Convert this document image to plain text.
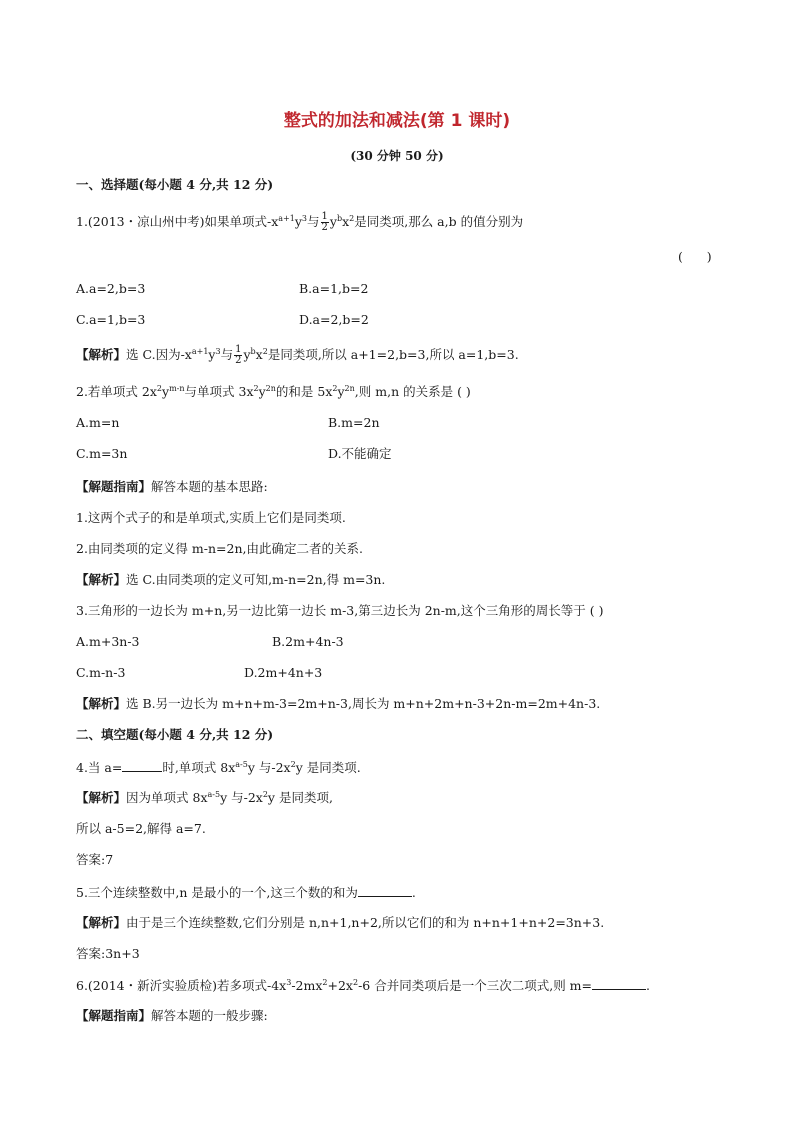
整式的加法和减法(第 1 课时)
(30 分钟 50 分)
一、选择题(每小题 4 分,共 12 分)
1.(2013・凉山州中考)如果单项式$-x^{a+1}y^3$与 $\frac{1}{2} y^bx^2$是同类项,那么 a,b 的值分别为
(      )
A.a=2,b=3	B.a=1,b=2
C.a=1,b=3	D.a=2,b=2
【解析】选 C.因为$-x^{a+1}y^3$与 $\frac{1}{2} y^bx^2$是同类项,所以 a+1=2,b=3,所以 a=1,b=3.
2.若单项式 $2x^2y^{m-n}$与单项式 $3x^2y^{2n}$的和是 $5x^2y^{2n}$,则 m,n 的关系是 ( )
A.m=n	B.m=2n
C.m=3n	D.不能确定
【解题指南】解答本题的基本思路:
1.这两个式子的和是单项式,实质上它们是同类项.
2.由同类项的定义得 m-n=2n,由此确定二者的关系.
【解析】选 C.由同类项的定义可知,m-n=2n,得 m=3n.
3.三角形的一边长为 m+n,另一边比第一边长 m-3,第三边长为 2n-m,这个三角形的周长等于 ( )
A.m+3n-3	B.2m+4n-3
C.m-n-3	D.2m+4n+3
【解析】选 B.另一边长为 m+n+m-3=2m+n-3,周长为 m+n+2m+n-3+2n-m=2m+4n-3.
二、填空题(每小题 4 分,共 12 分)
4.当 a=	时,单项式 $8x^{a-5}y$ 与$-2x^2y$ 是同类项.
【解析】因为单项式 $8x^{a-5}y$ 与$-2x^2y$ 是同类项,
所以 a-5=2,解得 a=7.
答案:7
5.三个连续整数中,n 是最小的一个,这三个数的和为	.
【解析】由于是三个连续整数,它们分别是 n,n+1,n+2,所以它们的和为 n+n+1+n+2=3n+3.
答案:3n+3
6.(2014・新沂实验质检)若多项式$-4x^3-2mx^2+2x^2-6$ 合并同类项后是一个三次二项式,则 m=	.
【解题指南】解答本题的一般步骤:
